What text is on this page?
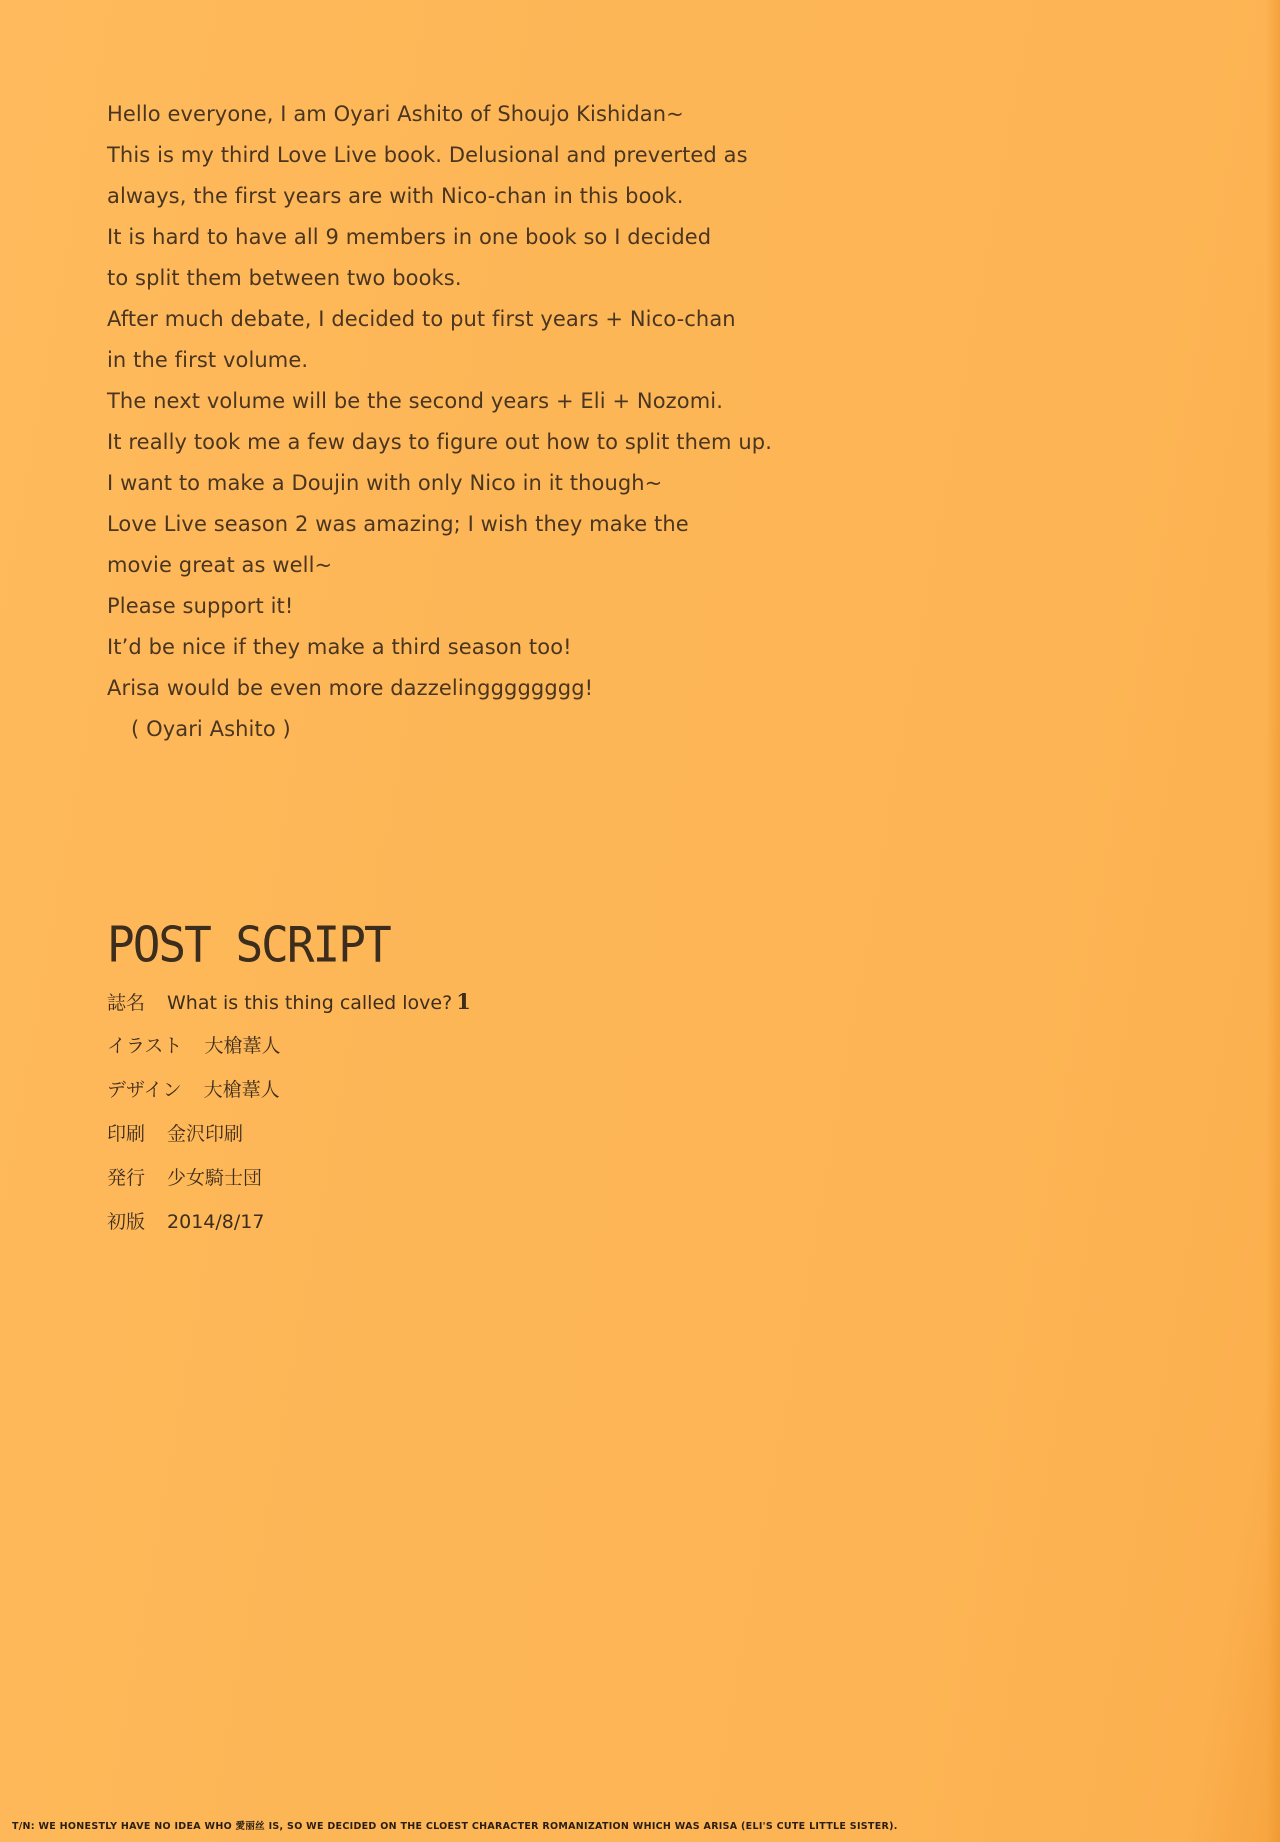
Hello everyone, I am Oyari Ashito of Shoujo Kishidan~
This is my third Love Live book. Delusional and preverted as
always, the first years are with Nico-chan in this book.
It is hard to have all 9 members in one book so I decided
to split them between two books.
After much debate, I decided to put first years + Nico-chan
in the first volume.
The next volume will be the second years + Eli + Nozomi.
It really took me a few days to figure out how to split them up.
I want to make a Doujin with only Nico in it though~
Love Live season 2 was amazing; I wish they make the
movie great as well~
Please support it!
It’d be nice if they make a third season too!
Arisa would be even more dazzelingggggggg!
( Oyari Ashito )
POST SCRIPT
誌名 What is this thing called love? 1
イラスト 大槍葦人
デザイン 大槍葦人
印刷 金沢印刷
発行 少女騎士団
初版 2014/8/17
T/N: WE HONESTLY HAVE NO IDEA WHO 愛丽丝 IS, SO WE DECIDED ON THE CLOEST CHARACTER ROMANIZATION WHICH WAS ARISA (ELI'S CUTE LITTLE SISTER).
